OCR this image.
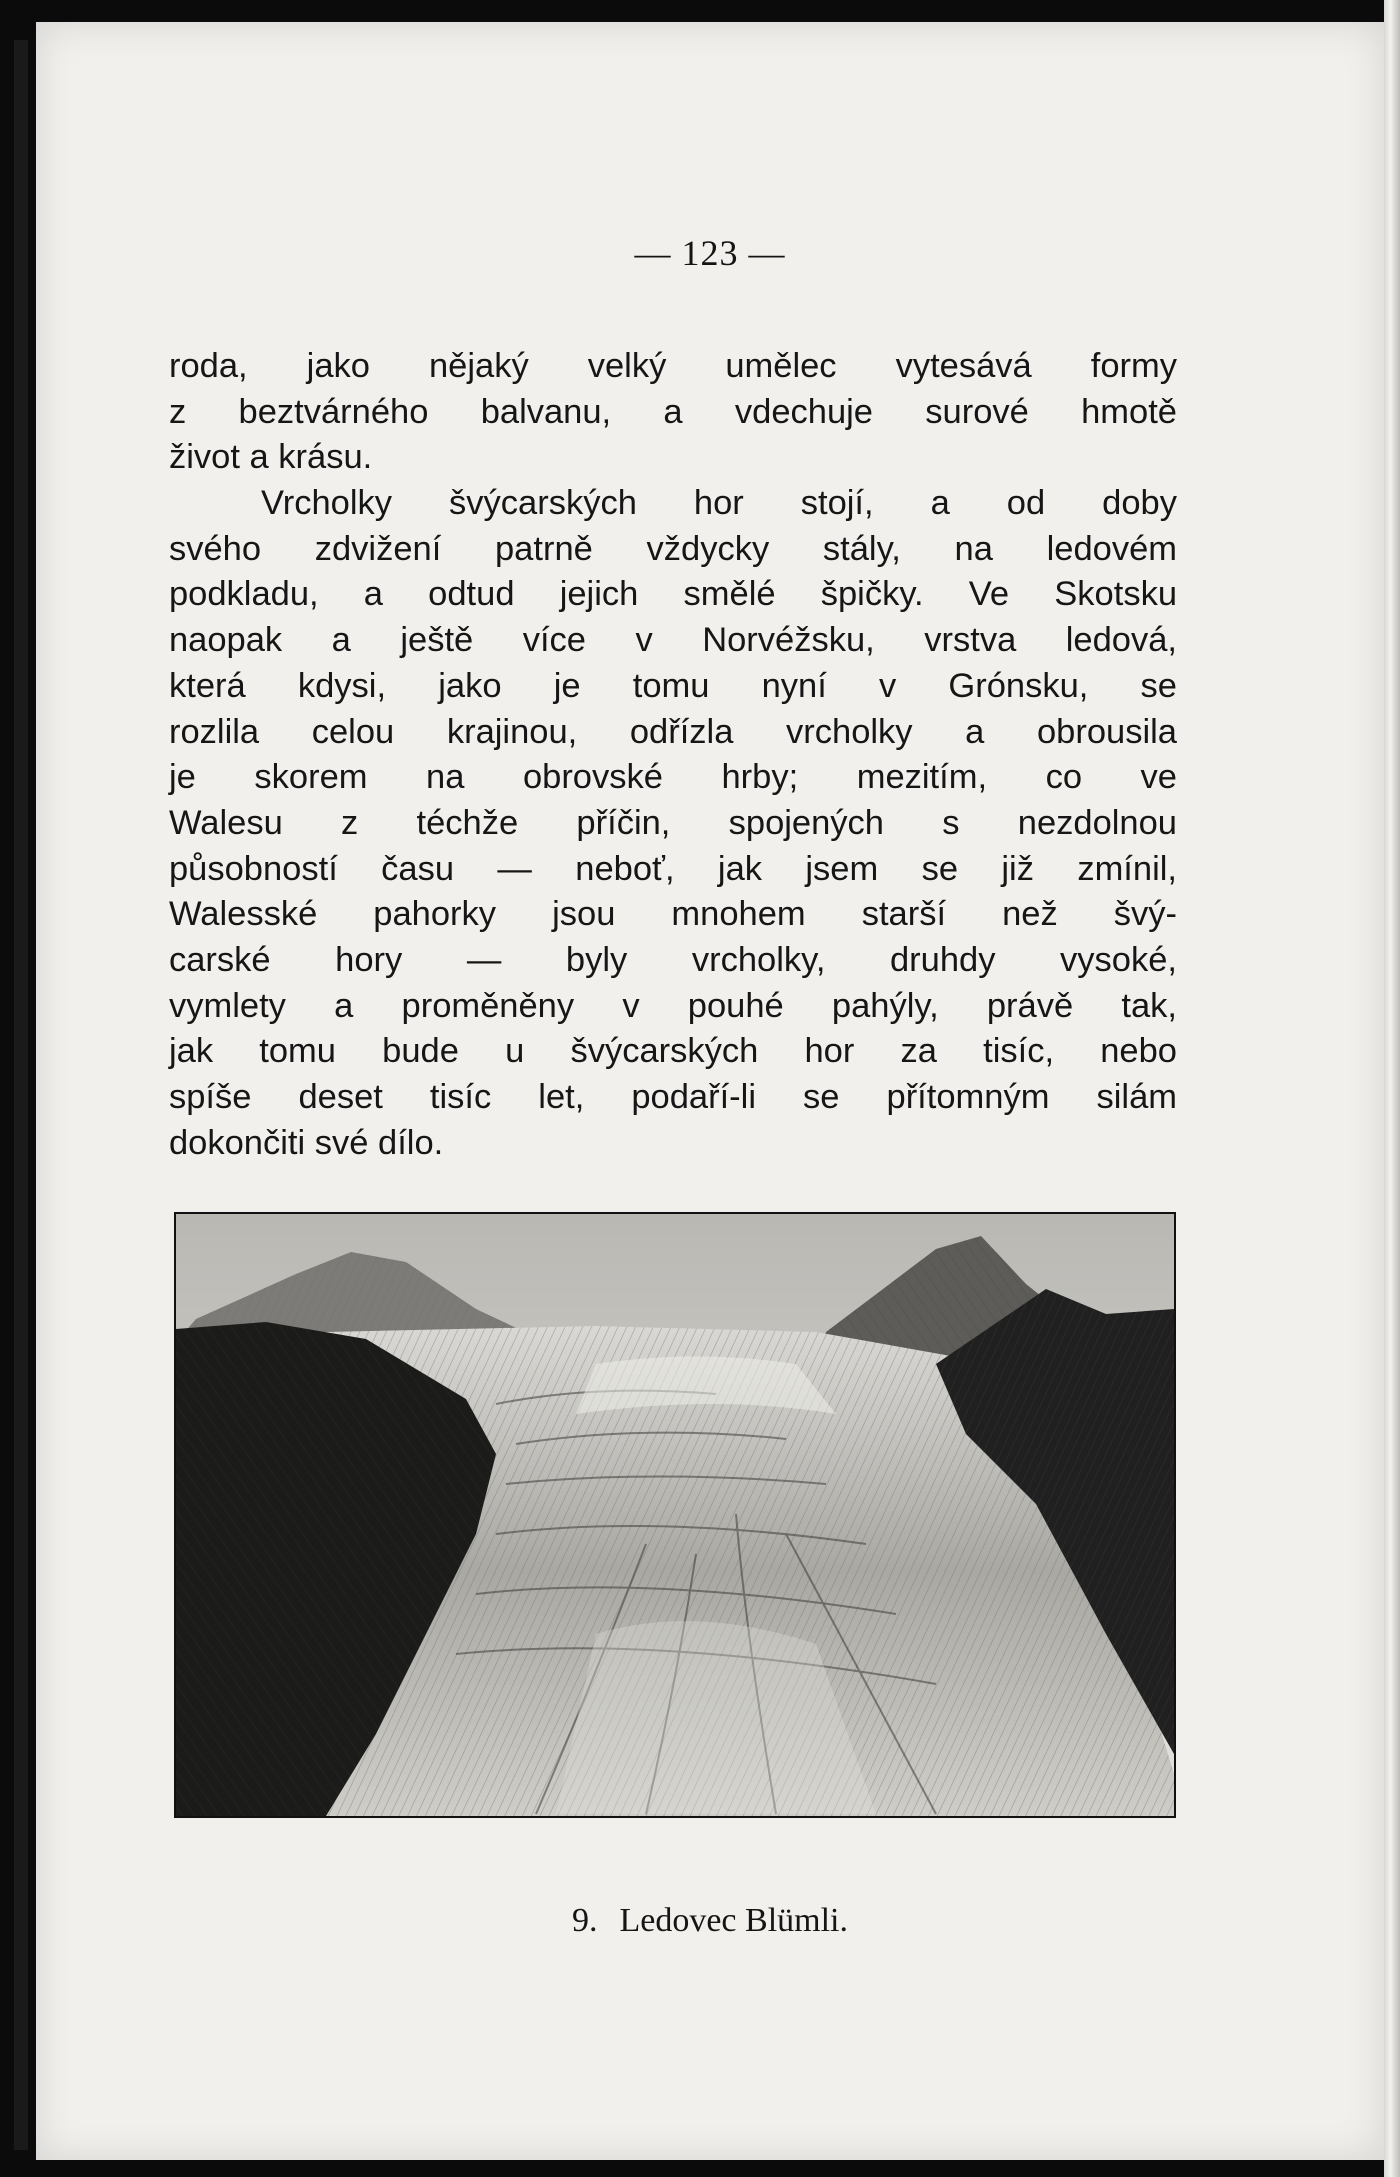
— 123 —
roda, jako nějaký velký umělec vytesává formy
z beztvárného balvanu, a vdechuje surové hmotě
život a krásu.
Vrcholky švýcarských hor stojí, a od doby
svého zdvižení patrně vždycky stály, na ledovém
podkladu, a odtud jejich smělé špičky. Ve Skotsku
naopak a ještě více v Norvéžsku, vrstva ledová,
která kdysi, jako je tomu nyní v Grónsku, se
rozlila celou krajinou, odřízla vrcholky a obrousila
je skorem na obrovské hrby; mezitím, co ve
Walesu z téchže příčin, spojených s nezdolnou
působností času — neboť, jak jsem se již zmínil,
Walesské pahorky jsou mnohem starší než švý-
carské hory — byly vrcholky, druhdy vysoké,
vymlety a proměněny v pouhé pahýly, právě tak,
jak tomu bude u švýcarských hor za tisíc, nebo
spíše deset tisíc let, podaří-li se přítomným silám
dokončiti své dílo.
9. Ledovec Blümli.
